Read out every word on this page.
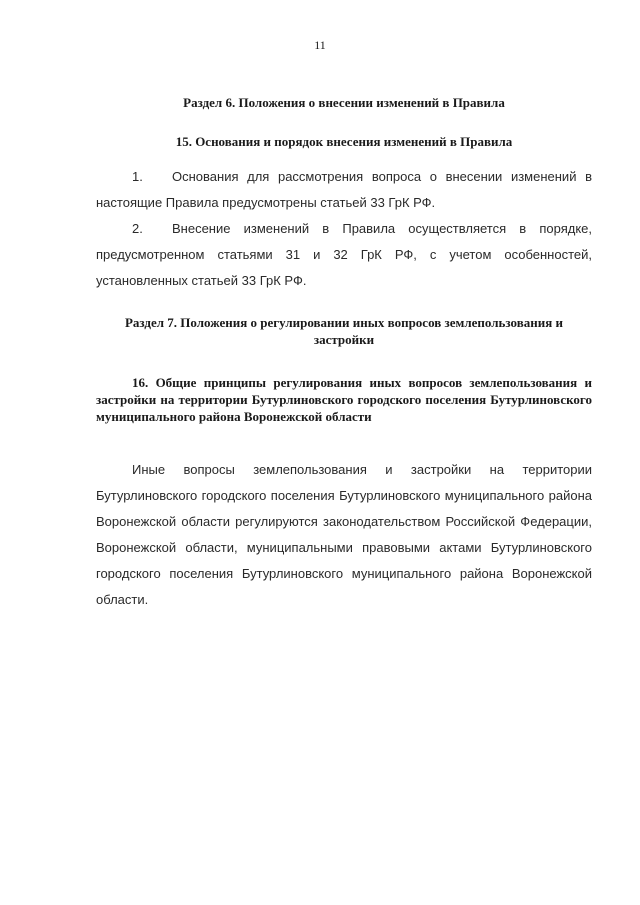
11
Раздел 6. Положения о внесении изменений в Правила
15. Основания и порядок внесения изменений в Правила
1. Основания для рассмотрения вопроса о внесении изменений в настоящие Правила предусмотрены статьей 33 ГрК РФ.
2. Внесение изменений в Правила осуществляется в порядке, предусмотренном статьями 31 и 32 ГрК РФ, с учетом особенностей, установленных статьей 33 ГрК РФ.
Раздел 7. Положения о регулировании иных вопросов землепользования и застройки
16. Общие принципы регулирования иных вопросов землепользования и застройки на территории Бутурлиновского городского поселения Бутурлиновского муниципального района Воронежской области
Иные вопросы землепользования и застройки на территории Бутурлиновского городского поселения Бутурлиновского муниципального района Воронежской области регулируются законодательством Российской Федерации, Воронежской области, муниципальными правовыми актами Бутурлиновского городского поселения Бутурлиновского муниципального района Воронежской области.
